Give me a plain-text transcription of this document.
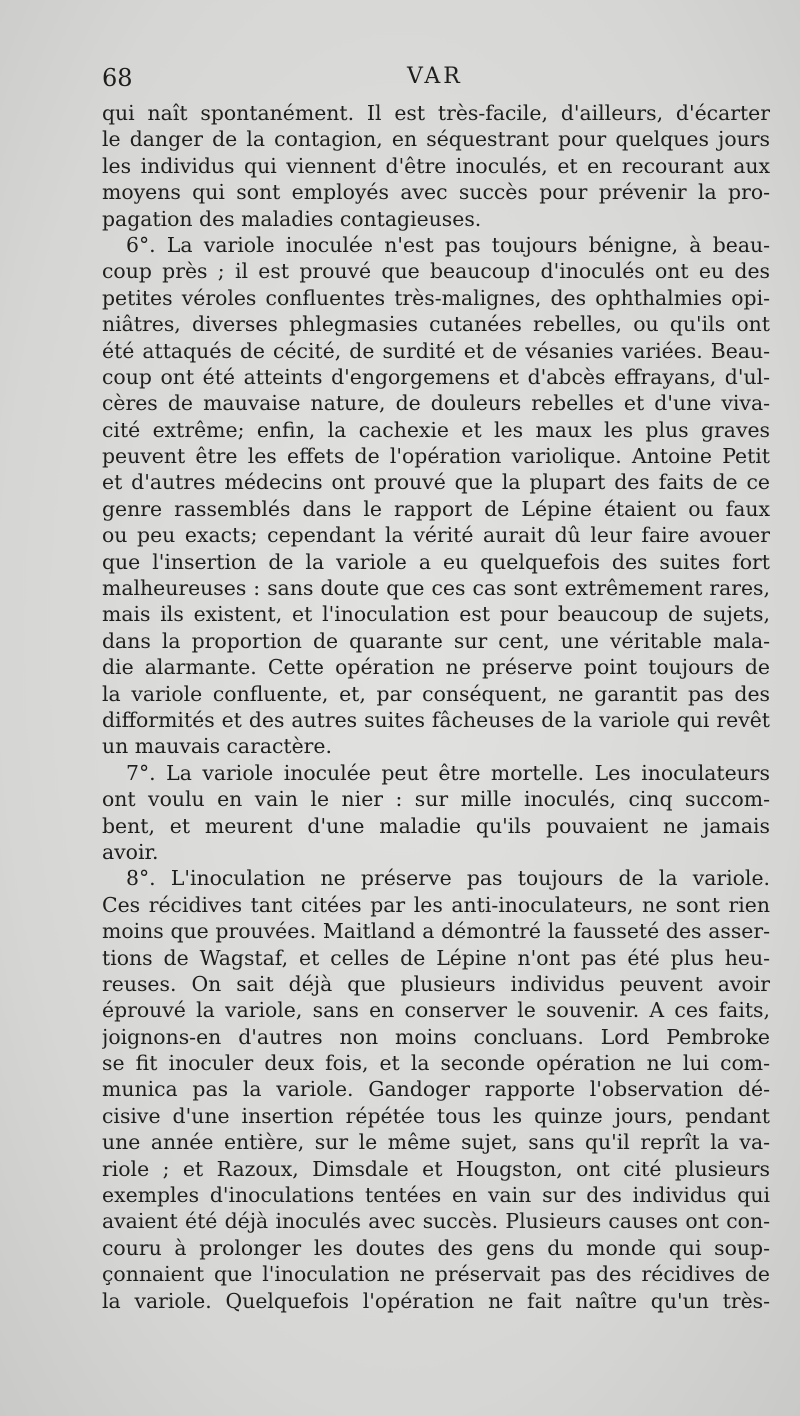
68	VAR
qui naît spontanément. Il est très-facile, d'ailleurs, d'écarter
le danger de la contagion, en séquestrant pour quelques jours
les individus qui viennent d'être inoculés, et en recourant aux
moyens qui sont employés avec succès pour prévenir la pro-
pagation des maladies contagieuses.
6°. La variole inoculée n'est pas toujours bénigne, à beau-
coup près ; il est prouvé que beaucoup d'inoculés ont eu des
petites véroles confluentes très-malignes, des ophthalmies opi-
niâtres, diverses phlegmasies cutanées rebelles, ou qu'ils ont
été attaqués de cécité, de surdité et de vésanies variées. Beau-
coup ont été atteints d'engorgemens et d'abcès effrayans, d'ul-
cères de mauvaise nature, de douleurs rebelles et d'une viva-
cité extrême; enfin, la cachexie et les maux les plus graves
peuvent être les effets de l'opération variolique. Antoine Petit
et d'autres médecins ont prouvé que la plupart des faits de ce
genre rassemblés dans le rapport de Lépine étaient ou faux
ou peu exacts; cependant la vérité aurait dû leur faire avouer
que l'insertion de la variole a eu quelquefois des suites fort
malheureuses : sans doute que ces cas sont extrêmement rares,
mais ils existent, et l'inoculation est pour beaucoup de sujets,
dans la proportion de quarante sur cent, une véritable mala-
die alarmante. Cette opération ne préserve point toujours de
la variole confluente, et, par conséquent, ne garantit pas des
difformités et des autres suites fâcheuses de la variole qui revêt
un mauvais caractère.
7°. La variole inoculée peut être mortelle. Les inoculateurs
ont voulu en vain le nier : sur mille inoculés, cinq succom-
bent, et meurent d'une maladie qu'ils pouvaient ne jamais
avoir.
8°. L'inoculation ne préserve pas toujours de la variole.
Ces récidives tant citées par les anti-inoculateurs, ne sont rien
moins que prouvées. Maitland a démontré la fausseté des asser-
tions de Wagstaf, et celles de Lépine n'ont pas été plus heu-
reuses. On sait déjà que plusieurs individus peuvent avoir
éprouvé la variole, sans en conserver le souvenir. A ces faits,
joignons-en d'autres non moins concluans. Lord Pembroke
se fit inoculer deux fois, et la seconde opération ne lui com-
munica pas la variole. Gandoger rapporte l'observation dé-
cisive d'une insertion répétée tous les quinze jours, pendant
une année entière, sur le même sujet, sans qu'il reprît la va-
riole ; et Razoux, Dimsdale et Hougston, ont cité plusieurs
exemples d'inoculations tentées en vain sur des individus qui
avaient été déjà inoculés avec succès. Plusieurs causes ont con-
couru à prolonger les doutes des gens du monde qui soup-
çonnaient que l'inoculation ne préservait pas des récidives de
la variole. Quelquefois l'opération ne fait naître qu'un très-
